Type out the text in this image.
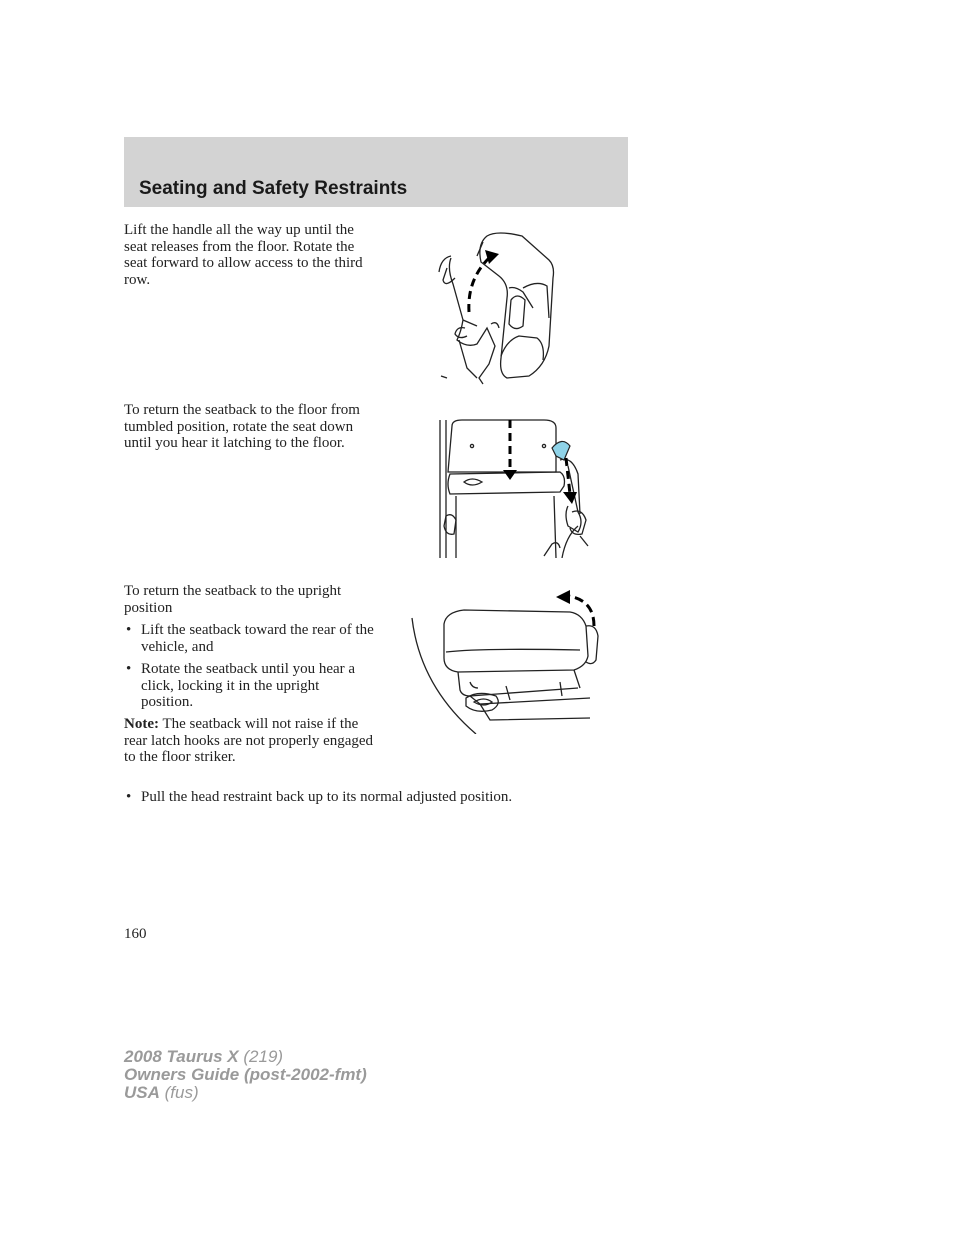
Seating and Safety Restraints

Lift the handle all the way up until the seat releases from the floor. Rotate the seat forward to allow access to the third row.

To return the seatback to the floor from tumbled position, rotate the seat down until you hear it latching to the floor.

To return the seatback to the upright position

• Lift the seatback toward the rear of the vehicle, and
• Rotate the seatback until you hear a click, locking it in the upright position.

Note: The seatback will not raise if the rear latch hooks are not properly engaged to the floor striker.

• Pull the head restraint back up to its normal adjusted position.

160

2008 Taurus X (219)
Owners Guide (post-2002-fmt)
USA (fus)
